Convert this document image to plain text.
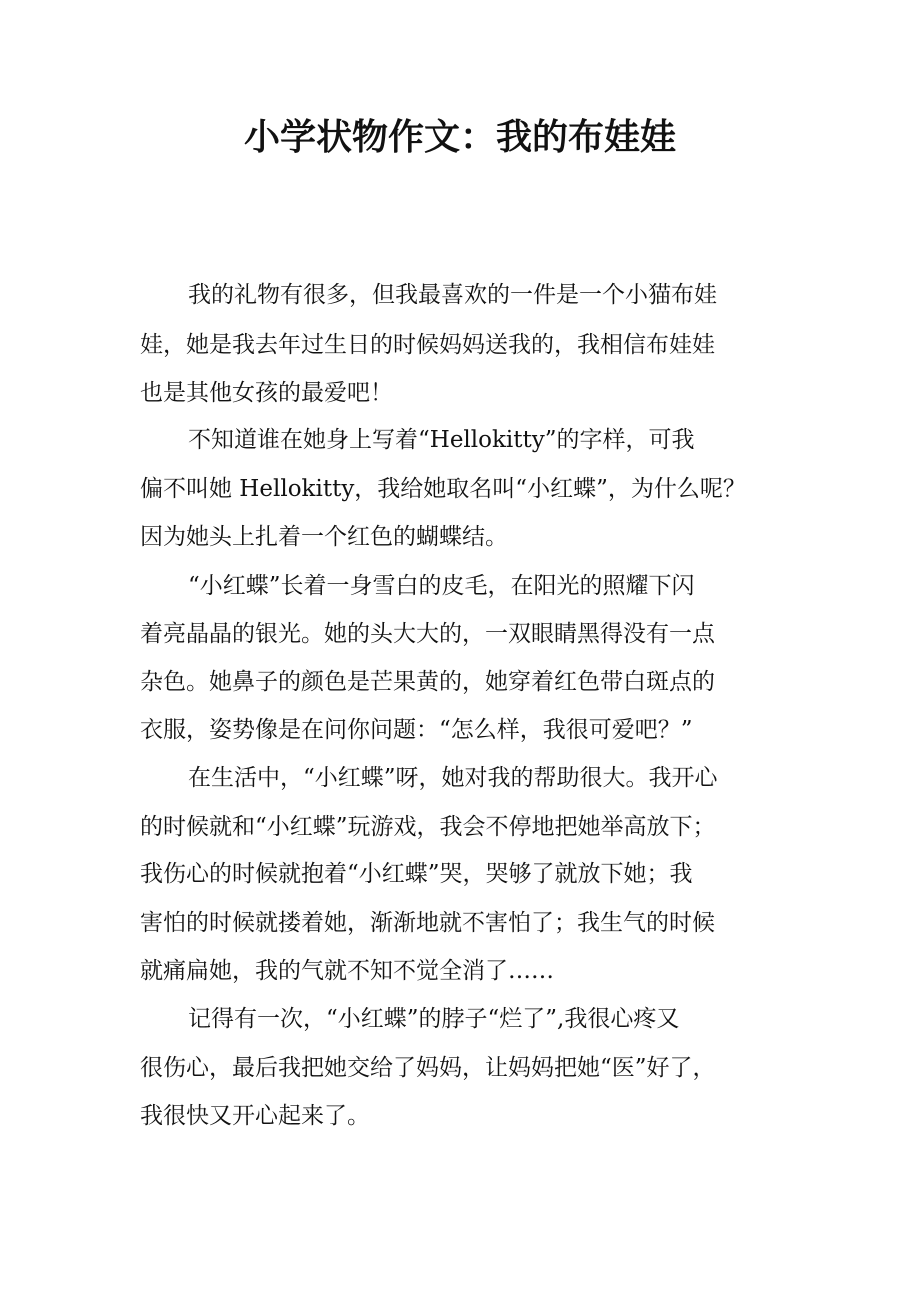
小学状物作文：我的布娃娃

我的礼物有很多，但我最喜欢的一件是一个小猫布娃

娃，她是我去年过生日的时候妈妈送我的，我相信布娃娃

也是其他女孩的最爱吧！

不知道谁在她身上写着“Hellokitty”的字样，可我

偏不叫她 Hellokitty，我给她取名叫“小红蝶”，为什么呢？

因为她头上扎着一个红色的蝴蝶结。

“小红蝶”长着一身雪白的皮毛，在阳光的照耀下闪

着亮晶晶的银光。她的头大大的，一双眼睛黑得没有一点

杂色。她鼻子的颜色是芒果黄的，她穿着红色带白斑点的

衣服，姿势像是在问你问题：“怎么样，我很可爱吧？”

在生活中，“小红蝶”呀，她对我的帮助很大。我开心

的时候就和“小红蝶”玩游戏，我会不停地把她举高放下；

我伤心的时候就抱着“小红蝶”哭，哭够了就放下她；我

害怕的时候就搂着她，渐渐地就不害怕了；我生气的时候

就痛扁她，我的气就不知不觉全消了……

记得有一次，“小红蝶”的脖子“烂了”,我很心疼又

很伤心，最后我把她交给了妈妈，让妈妈把她“医”好了，

我很快又开心起来了。
